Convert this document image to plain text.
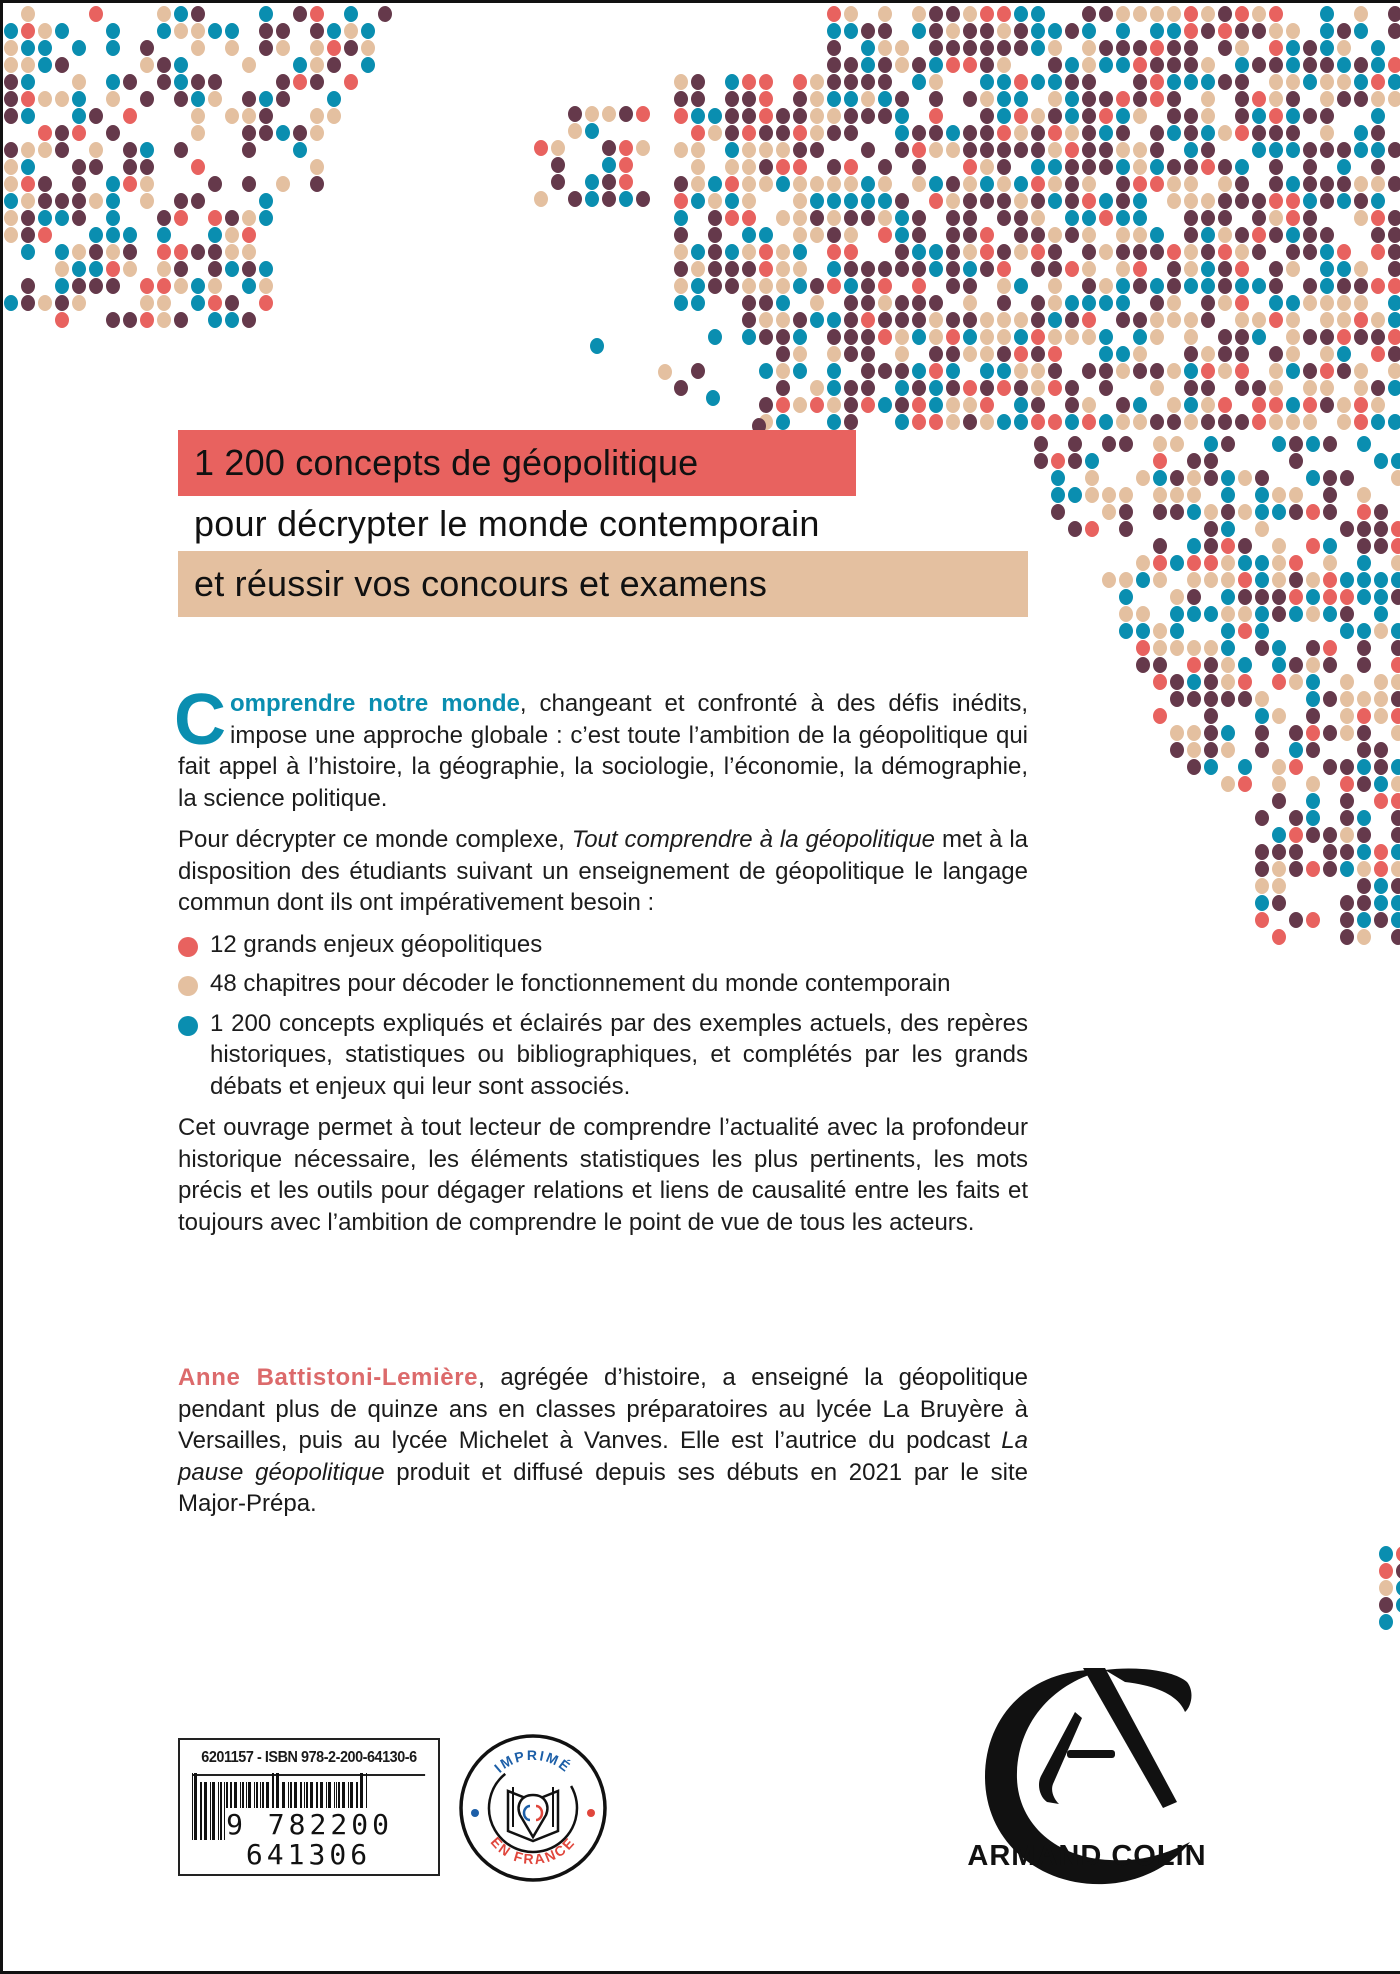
1 200 concepts de géopolitique
pour décrypter le monde contemporain
et réussir vos concours et examens

Comprendre notre monde, changeant et confronté à des défis inédits, impose une approche globale : c’est toute l’ambition de la géopolitique qui fait appel à l’histoire, la géographie, la sociologie, l’économie, la démographie, la science politique.

Pour décrypter ce monde complexe, Tout comprendre à la géopolitique met à la disposition des étudiants suivant un enseignement de géopolitique le langage commun dont ils ont impérativement besoin :

12 grands enjeux géopolitiques
48 chapitres pour décoder le fonctionnement du monde contemporain
1 200 concepts expliqués et éclairés par des exemples actuels, des repères historiques, statistiques ou bibliographiques, et complétés par les grands débats et enjeux qui leur sont associés.

Cet ouvrage permet à tout lecteur de comprendre l’actualité avec la profondeur historique nécessaire, les éléments statistiques les plus pertinents, les mots précis et les outils pour dégager relations et liens de causalité entre les faits et toujours avec l’ambition de comprendre le point de vue de tous les acteurs.

Anne Battistoni-Lemière, agrégée d’histoire, a enseigné la géopolitique pendant plus de quinze ans en classes préparatoires au lycée La Bruyère à Versailles, puis au lycée Michelet à Vanves. Elle est l’autrice du podcast La pause géopolitique produit et diffusé depuis ses débuts en 2021 par le site Major-Prépa.
6201157 - ISBN 978-2-200-64130-6
9 782200 641306
IMPRIMÉ
EN FRANCE	ARMAND COLIN
